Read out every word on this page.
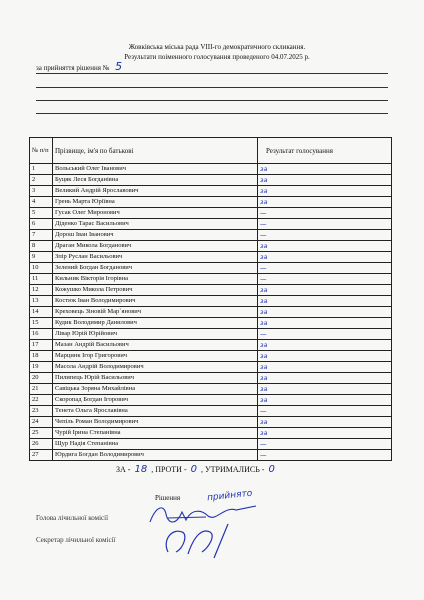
Жовківська міська рада VIII-го демократичного скликання.
Результати поіменного голосування проведеного 04.07.2025 р.
за прийняття рішення № 5
№ п/п	Прізвище, ім'я по батькові	Результат голосування
1	Вольський Олег Іванович	за
2	Буцяк Леся Богданівна	за
3	Великий Андрій Ярославович	за
4	Грень Марта Юріївна	за
5	Гусак Олег Миронович	—
6	Діденко Тарас Васильович	—
7	Дорош Іван Іванович	—
8	Драган Микола Богданович	за
9	Зпір Руслан Васильович	за
10	Зелений Богдан Богданович	—
11	Кильник Вікторія Ігорівна	—
12	Кожушко Микола Петрович	за
13	Костюк Іван Володимирович	за
14	Креховець Зіновій Мар`янович	за
15	Кудик Володимир Данилович	за
16	Лівар Юрій Юрійович	—
17	Мазан Андрій Васильович	за
18	Марцинк Ігор Григорович	за
19	Масола Андрій Володимирович	за
20	Пилипець Юрій Васильович	за
21	Савіцька Зоряна Михайлівна	за
22	Скоропад Богдан Ігорович	за
23	Тенета Ольга Ярославівна	—
24	Чепіль Роман Володимирович	за
25	Чурій Ірина Степанівна	за
26	Щур Надія Степанівна	—
27	Юрдига Богдан Володимирович	—
ЗА - 18 , ПРОТИ - 0 , УТРИМАЛИСЬ - 0
Рішення	прийнято
Голова лічильної комісії
Секретар лічильної комісії
